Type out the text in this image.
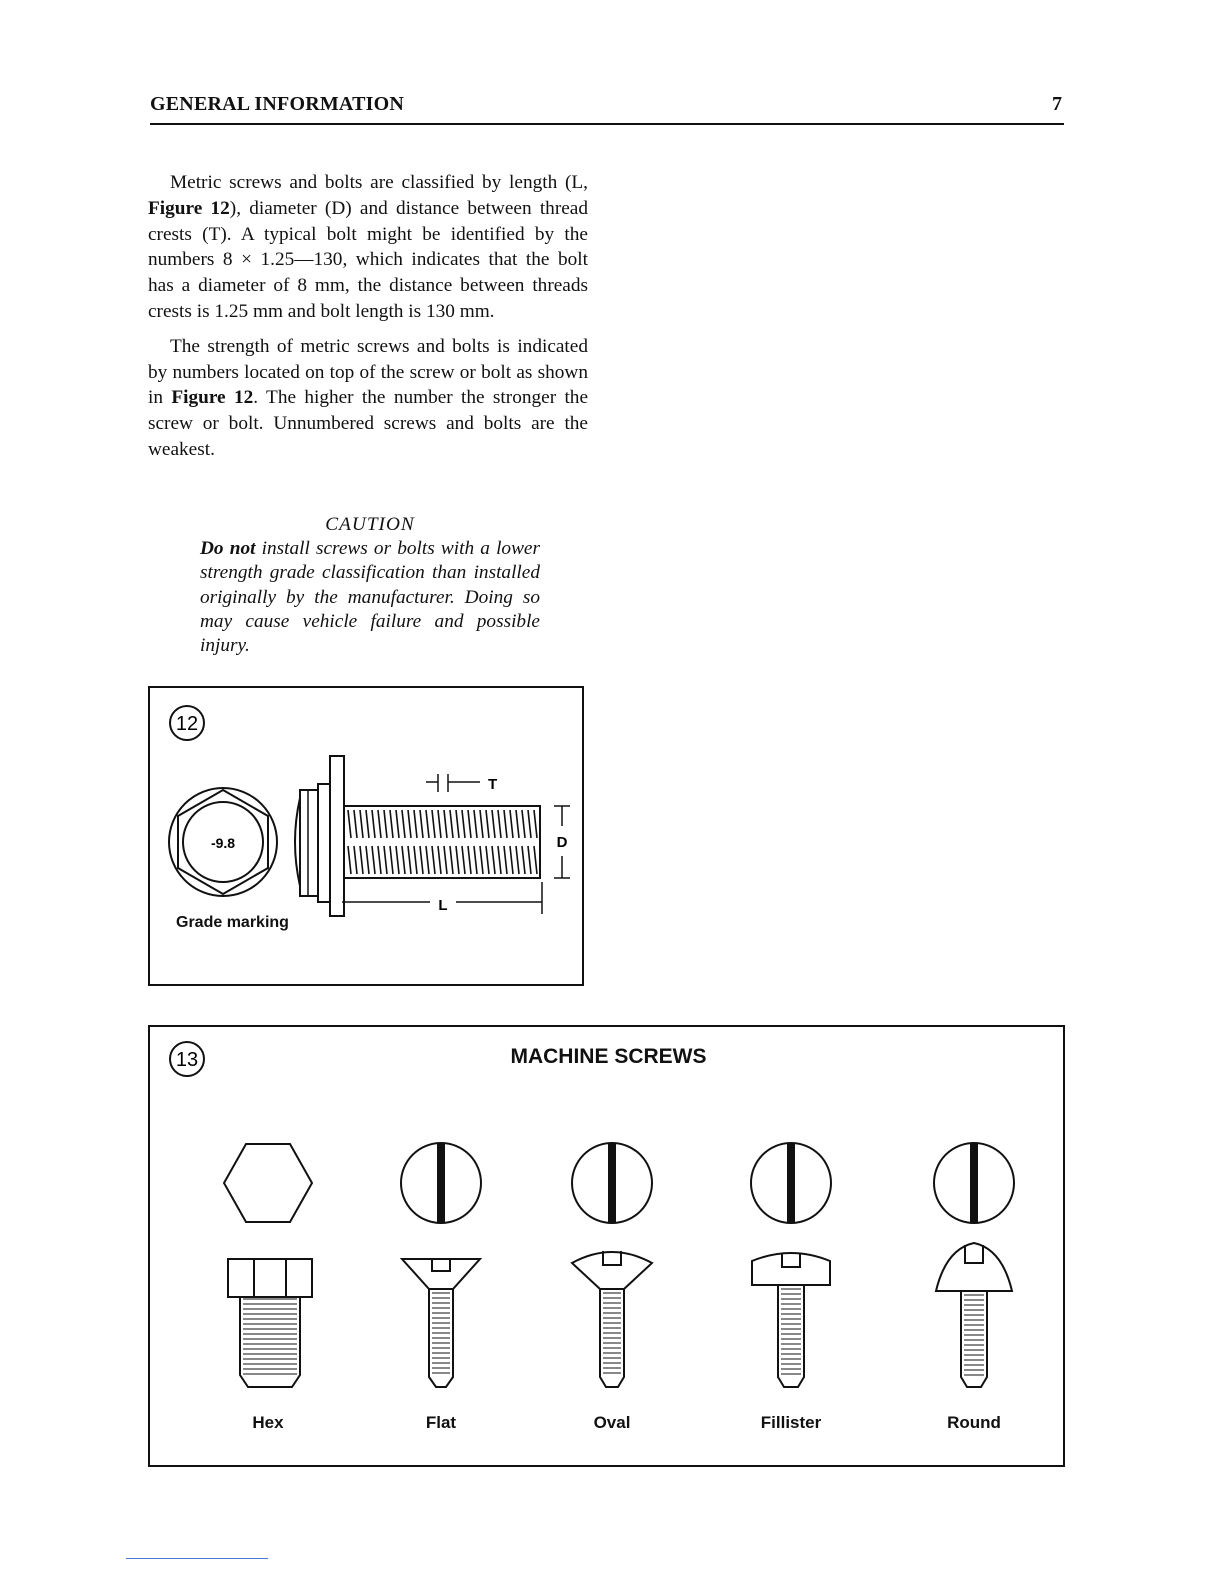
GENERAL INFORMATION	7

Metric screws and bolts are classified by length (L, Figure 12), diameter (D) and distance between thread crests (T). A typical bolt might be identified by the numbers 8 × 1.25—130, which indicates that the bolt has a diameter of 8 mm, the distance between threads crests is 1.25 mm and bolt length is 130 mm.

The strength of metric screws and bolts is indicated by numbers located on top of the screw or bolt as shown in Figure 12. The higher the number the stronger the screw or bolt. Unnumbered screws and bolts are the weakest.

CAUTION
Do not install screws or bolts with a lower strength grade classification than installed originally by the manufacturer. Doing so may cause vehicle failure and possible injury.
12
-9.8
T
D
L
Grade marking
13	MACHINE SCREWS
Hex	Flat	Oval	Fillister	Round
